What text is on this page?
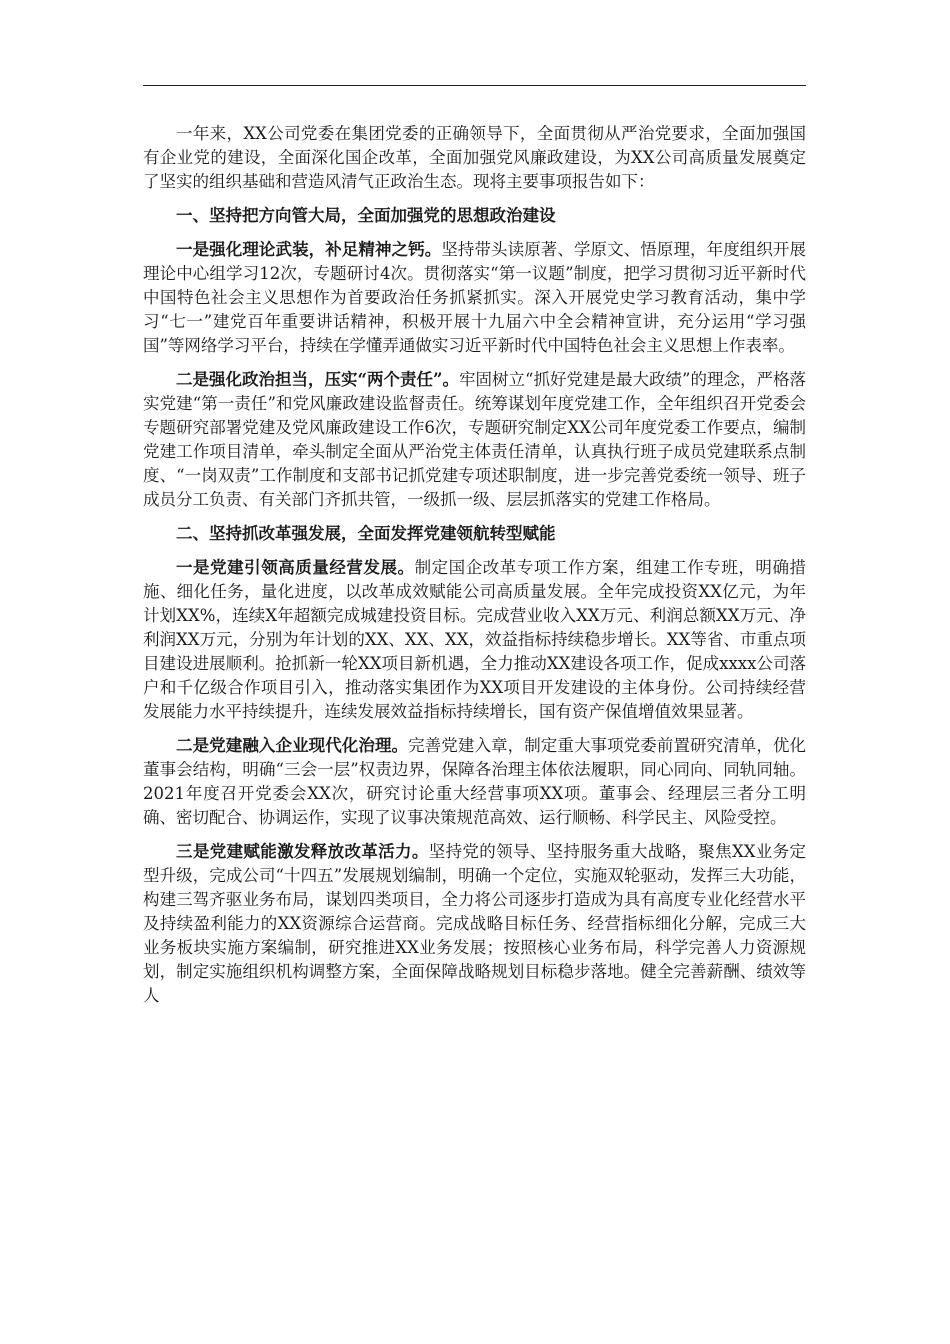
一年来，XX公司党委在集团党委的正确领导下，全面贯彻从严治党要求，全面加强国有企业党的建设，全面深化国企改革，全面加强党风廉政建设，为XX公司高质量发展奠定了坚实的组织基础和营造风清气正政治生态。现将主要事项报告如下：

一、坚持把方向管大局，全面加强党的思想政治建设

一是强化理论武装，补足精神之钙。坚持带头读原著、学原文、悟原理，年度组织开展理论中心组学习12次，专题研讨4次。贯彻落实“第一议题”制度，把学习贯彻习近平新时代中国特色社会主义思想作为首要政治任务抓紧抓实。深入开展党史学习教育活动，集中学习“七一”建党百年重要讲话精神，积极开展十九届六中全会精神宣讲，充分运用“学习强国”等网络学习平台，持续在学懂弄通做实习近平新时代中国特色社会主义思想上作表率。

二是强化政治担当，压实“两个责任”。牢固树立“抓好党建是最大政绩”的理念，严格落实党建“第一责任”和党风廉政建设监督责任。统筹谋划年度党建工作，全年组织召开党委会专题研究部署党建及党风廉政建设工作6次，专题研究制定XX公司年度党委工作要点，编制党建工作项目清单，牵头制定全面从严治党主体责任清单，认真执行班子成员党建联系点制度、“一岗双责”工作制度和支部书记抓党建专项述职制度，进一步完善党委统一领导、班子成员分工负责、有关部门齐抓共管，一级抓一级、层层抓落实的党建工作格局。

二、坚持抓改革强发展，全面发挥党建领航转型赋能

一是党建引领高质量经营发展。制定国企改革专项工作方案，组建工作专班，明确措施、细化任务，量化进度，以改革成效赋能公司高质量发展。全年完成投资XX亿元，为年计划XX%，连续X年超额完成城建投资目标。完成营业收入XX万元、利润总额XX万元、净利润XX万元，分别为年计划的XX、XX、XX，效益指标持续稳步增长。XX等省、市重点项目建设进展顺利。抢抓新一轮XX项目新机遇，全力推动XX建设各项工作，促成xxxx公司落户和千亿级合作项目引入，推动落实集团作为XX项目开发建设的主体身份。公司持续经营发展能力水平持续提升，连续发展效益指标持续增长，国有资产保值增值效果显著。

二是党建融入企业现代化治理。完善党建入章，制定重大事项党委前置研究清单，优化董事会结构，明确“三会一层”权责边界，保障各治理主体依法履职，同心同向、同轨同轴。2021年度召开党委会XX次，研究讨论重大经营事项XX项。董事会、经理层三者分工明确、密切配合、协调运作，实现了议事决策规范高效、运行顺畅、科学民主、风险受控。

三是党建赋能激发释放改革活力。坚持党的领导、坚持服务重大战略，聚焦XX业务定型升级，完成公司“十四五”发展规划编制，明确一个定位，实施双轮驱动，发挥三大功能，构建三驾齐驱业务布局，谋划四类项目，全力将公司逐步打造成为具有高度专业化经营水平及持续盈利能力的XX资源综合运营商。完成战略目标任务、经营指标细化分解，完成三大业务板块实施方案编制，研究推进XX业务发展；按照核心业务布局，科学完善人力资源规划，制定实施组织机构调整方案，全面保障战略规划目标稳步落地。健全完善薪酬、绩效等人
